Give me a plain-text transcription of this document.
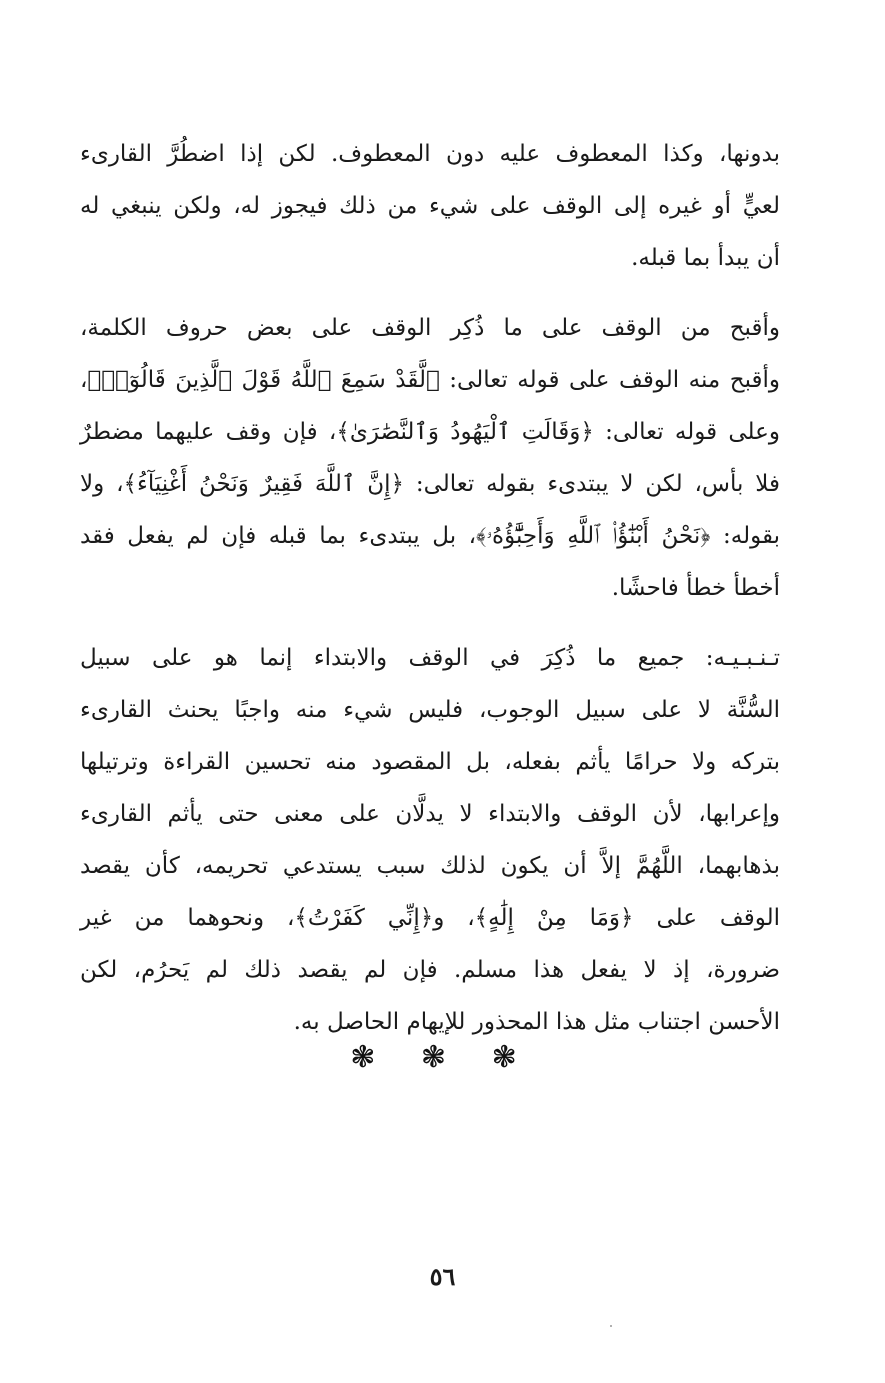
بدونها، وكذا المعطوف عليه دون المعطوف. لكن إذا اضطُرَّ القارىء
لعيٍّ أو غيره إلى الوقف على شيء من ذلك فيجوز له، ولكن ينبغي له
أن يبدأ بما قبله.

وأقبح من الوقف على ما ذُكِر الوقف على بعض حروف الكلمة،
وأقبح منه الوقف على قوله تعالى: ﴿لَّقَدْ سَمِعَ ٱللَّهُ قَوْلَ ٱلَّذِينَ قَالُوٓا۟﴾،
وعلى قوله تعالى: ﴿وَقَالَتِ ٱلْيَهُودُ وَٱلنَّصَٰرَىٰ﴾، فإن وقف عليهما مضطرٌ
فلا بأس، لكن لا يبتدىء بقوله تعالى: ﴿إِنَّ ٱللَّهَ فَقِيرٌ وَنَحْنُ أَغْنِيَآءُ﴾، ولا
بقوله: ﴿نَحْنُ أَبْنَٰٓؤُا۟ ٱللَّهِ وَأَحِبَّٰٓؤُهُۥ﴾، بل يبتدىء بما قبله فإن لم يفعل فقد
أخطأ خطأ فاحشًا.

تـنـبـيـه: جميع ما ذُكِرَ في الوقف والابتداء إنما هو على سبيل
السُّنَّة لا على سبيل الوجوب، فليس شيء منه واجبًا يحنث القارىء
بتركه ولا حرامًا يأثم بفعله، بل المقصود منه تحسين القراءة وترتيلها
وإعرابها، لأن الوقف والابتداء لا يدلَّان على معنى حتى يأثم القارىء
بذهابهما، اللَّهُمَّ إلاَّ أن يكون لذلك سبب يستدعي تحريمه، كأن يقصد
الوقف على ﴿وَمَا مِنْ إِلَٰهٍ﴾، و﴿إِنِّي كَفَرْتُ﴾، ونحوهما من غير
ضرورة، إذ لا يفعل هذا مسلم. فإن لم يقصد ذلك لم يَحرُم، لكن
الأحسن اجتناب مثل هذا المحذور للإيهام الحاصل به.

❃ ❃ ❃
٥٦
